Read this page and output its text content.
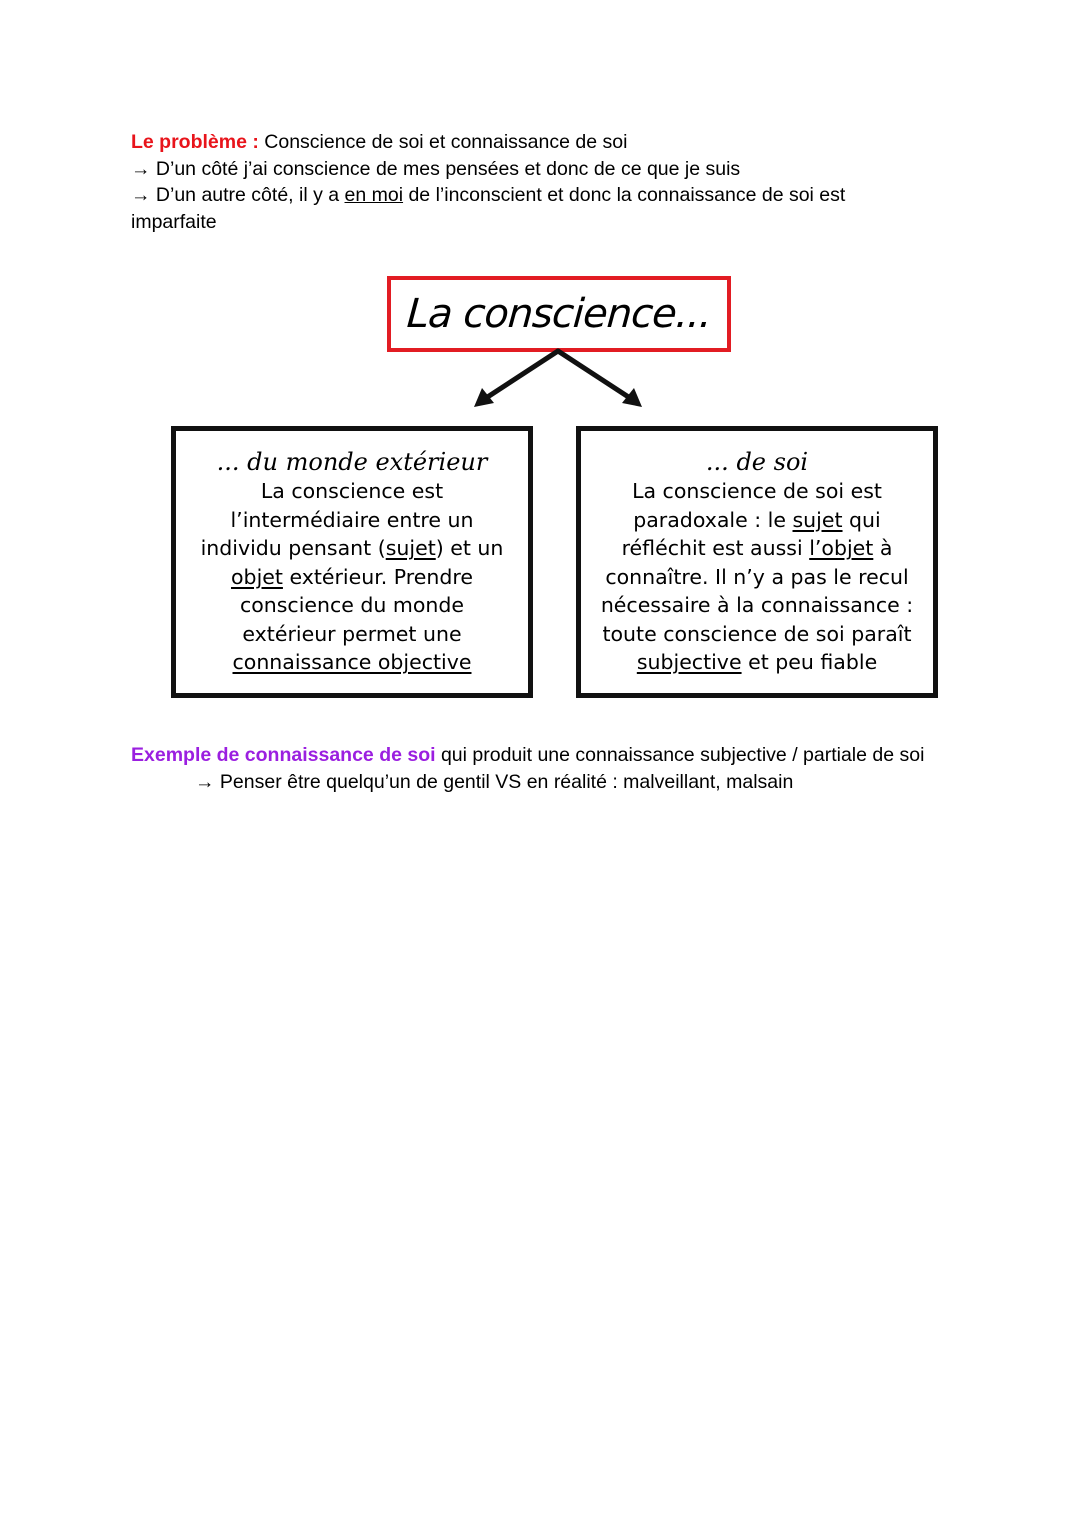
Le problème : Conscience de soi et connaissance de soi
→ D’un côté j’ai conscience de mes pensées et donc de ce que je suis
→ D’un autre côté, il y a en moi de l’inconscient et donc la connaissance de soi est
imparfaite
La conscience...
... du monde extérieur
La conscience est
l’intermédiaire entre un
individu pensant (sujet) et un
objet extérieur. Prendre
conscience du monde
extérieur permet une
connaissance objective
... de soi
La conscience de soi est
paradoxale : le sujet qui
réfléchit est aussi l’objet à
connaître. Il n’y a pas le recul
nécessaire à la connaissance :
toute conscience de soi paraît
subjective et peu fiable
Exemple de connaissance de soi qui produit une connaissance subjective / partiale de soi
→ Penser être quelqu’un de gentil VS en réalité : malveillant, malsain
